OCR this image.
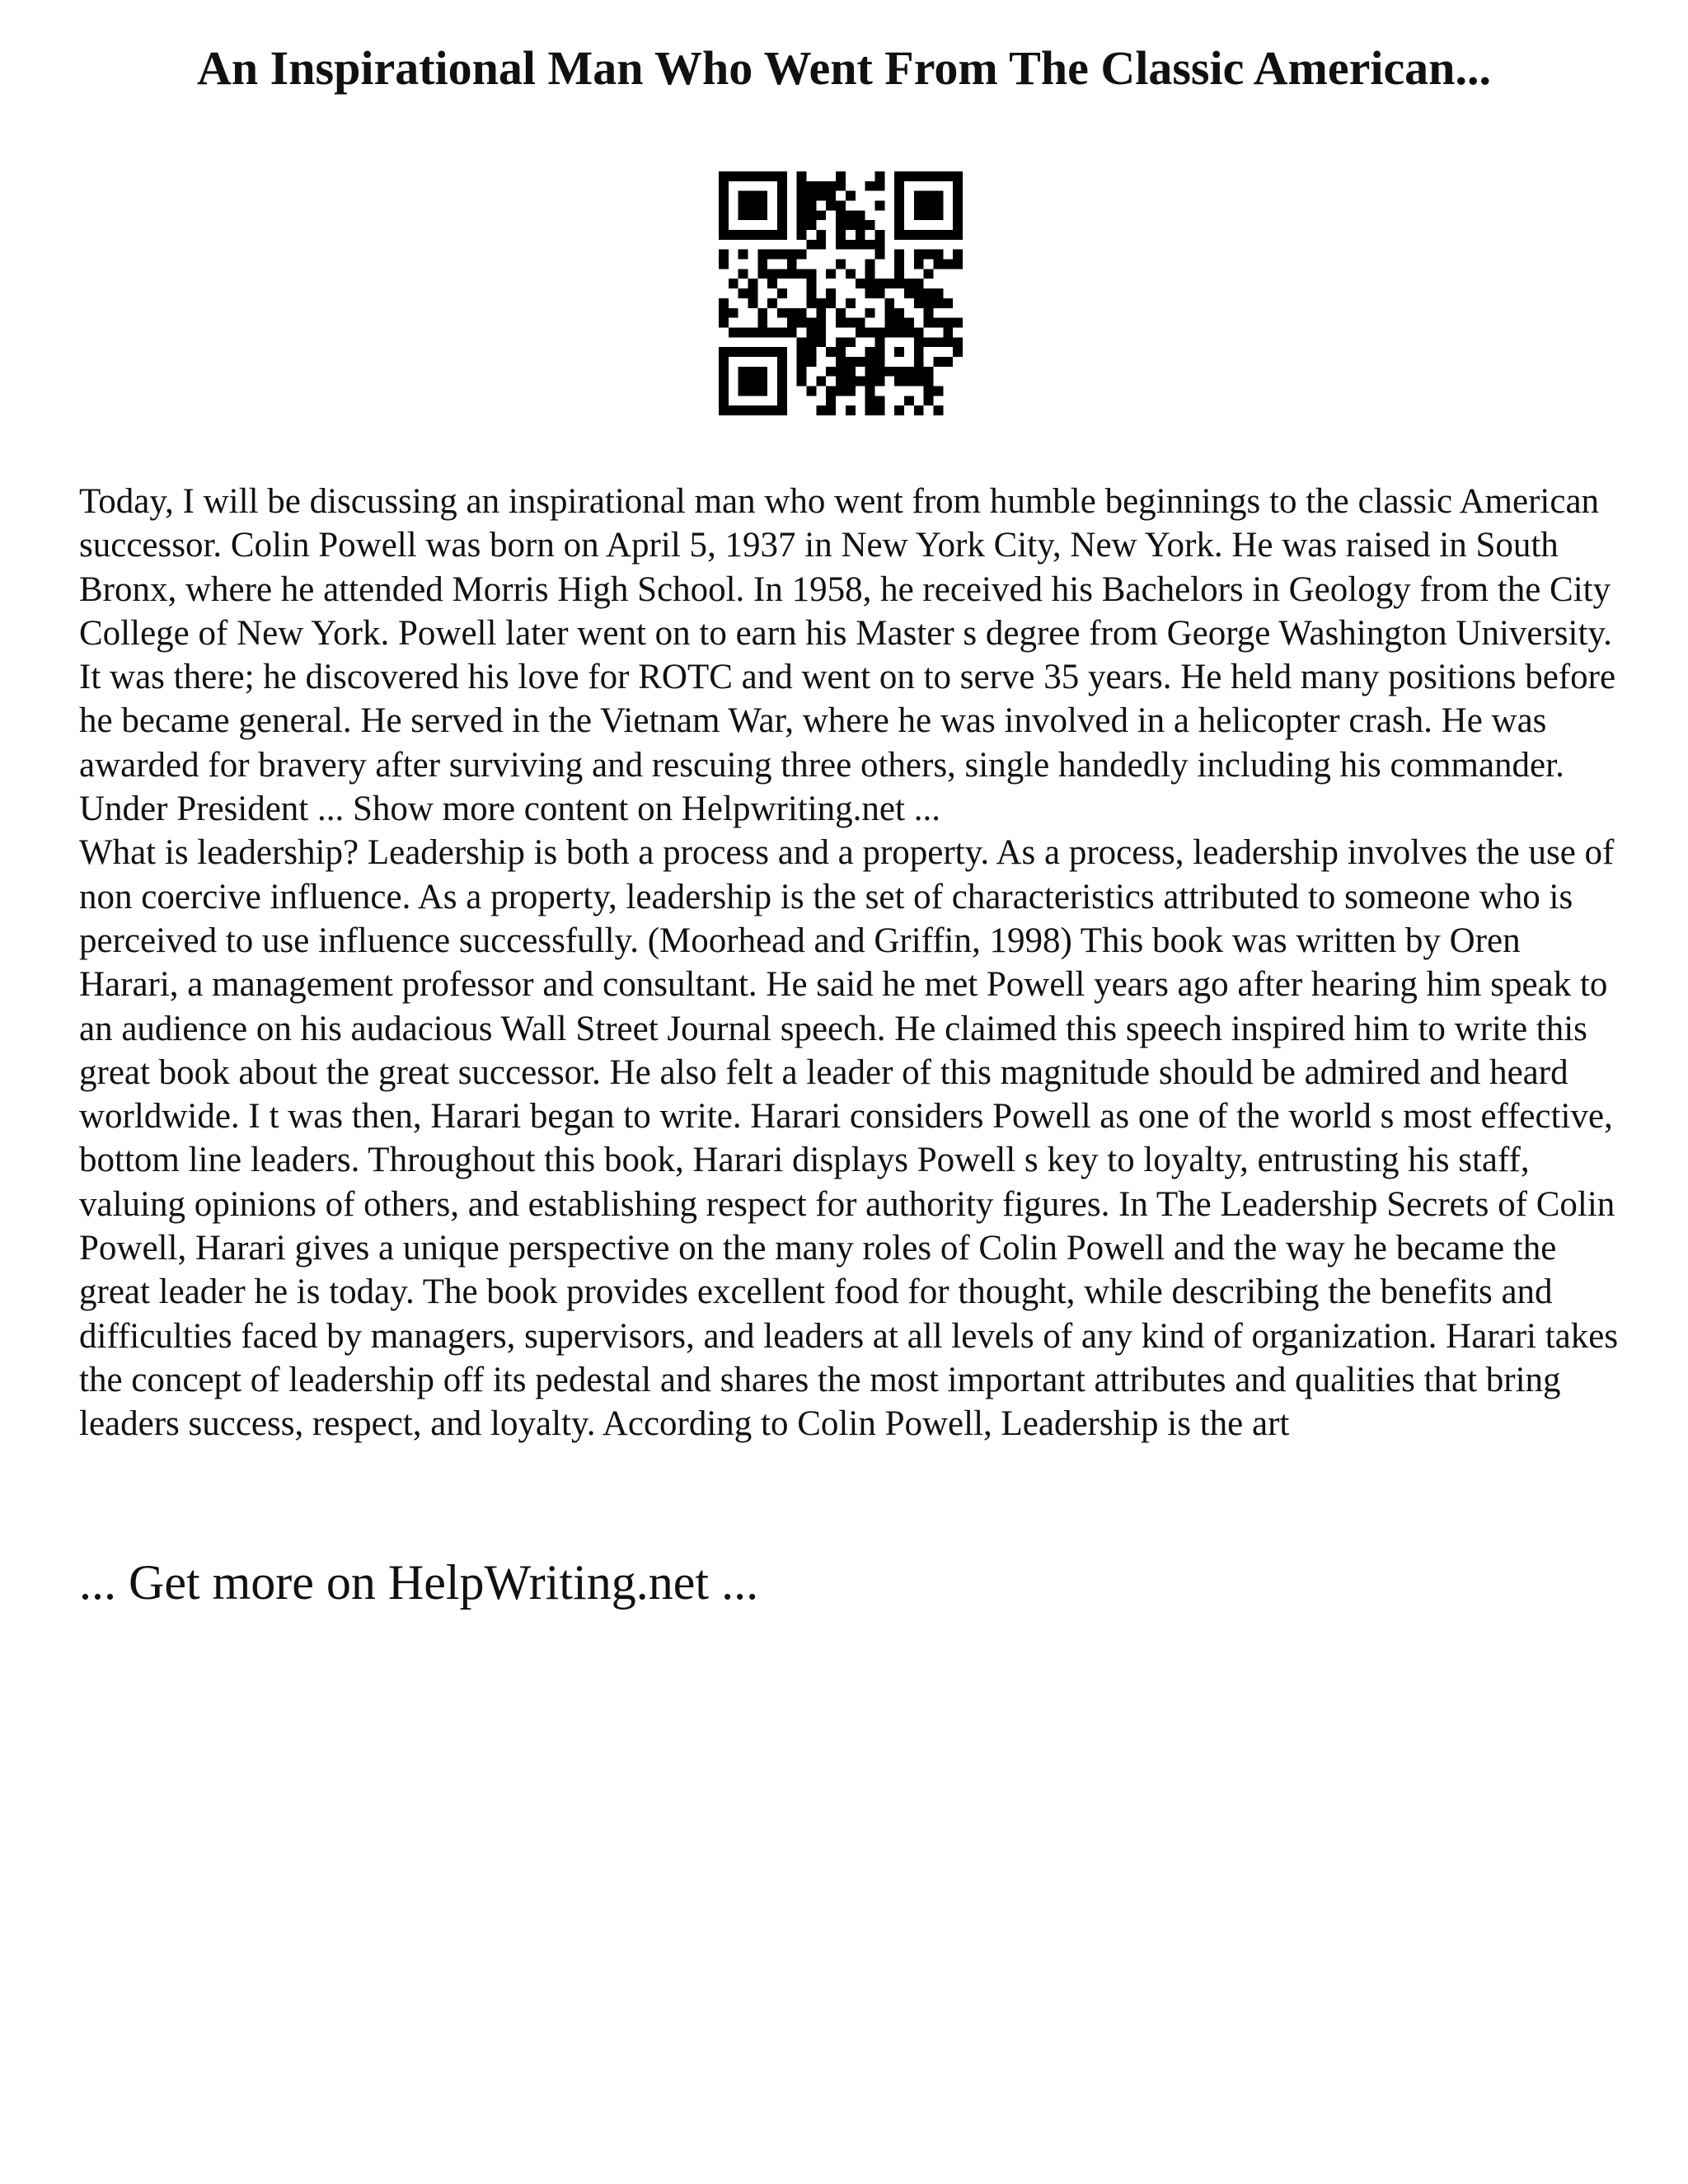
An Inspirational Man Who Went From The Classic American...

Today, I will be discussing an inspirational man who went from humble beginnings to the classic American successor. Colin Powell was born on April 5, 1937 in New York City, New York. He was raised in South Bronx, where he attended Morris High School. In 1958, he received his Bachelors in Geology from the City College of New York. Powell later went on to earn his Master s degree from George Washington University. It was there; he discovered his love for ROTC and went on to serve 35 years. He held many positions before he became general. He served in the Vietnam War, where he was involved in a helicopter crash. He was awarded for bravery after surviving and rescuing three others, single handedly including his commander. Under President ... Show more content on Helpwriting.net ...

What is leadership? Leadership is both a process and a property. As a process, leadership involves the use of non coercive influence. As a property, leadership is the set of characteristics attributed to someone who is perceived to use influence successfully. (Moorhead and Griffin, 1998) This book was written by Oren Harari, a management professor and consultant. He said he met Powell years ago after hearing him speak to an audience on his audacious Wall Street Journal speech. He claimed this speech inspired him to write this great book about the great successor. He also felt a leader of this magnitude should be admired and heard worldwide. I t was then, Harari began to write. Harari considers Powell as one of the world s most effective, bottom line leaders. Throughout this book, Harari displays Powell s key to loyalty, entrusting his staff, valuing opinions of others, and establishing respect for authority figures. In The Leadership Secrets of Colin Powell, Harari gives a unique perspective on the many roles of Colin Powell and the way he became the great leader he is today. The book provides excellent food for thought, while describing the benefits and difficulties faced by managers, supervisors, and leaders at all levels of any kind of organization. Harari takes the concept of leadership off its pedestal and shares the most important attributes and qualities that bring leaders success, respect, and loyalty. According to Colin Powell, Leadership is the art

... Get more on HelpWriting.net ...
